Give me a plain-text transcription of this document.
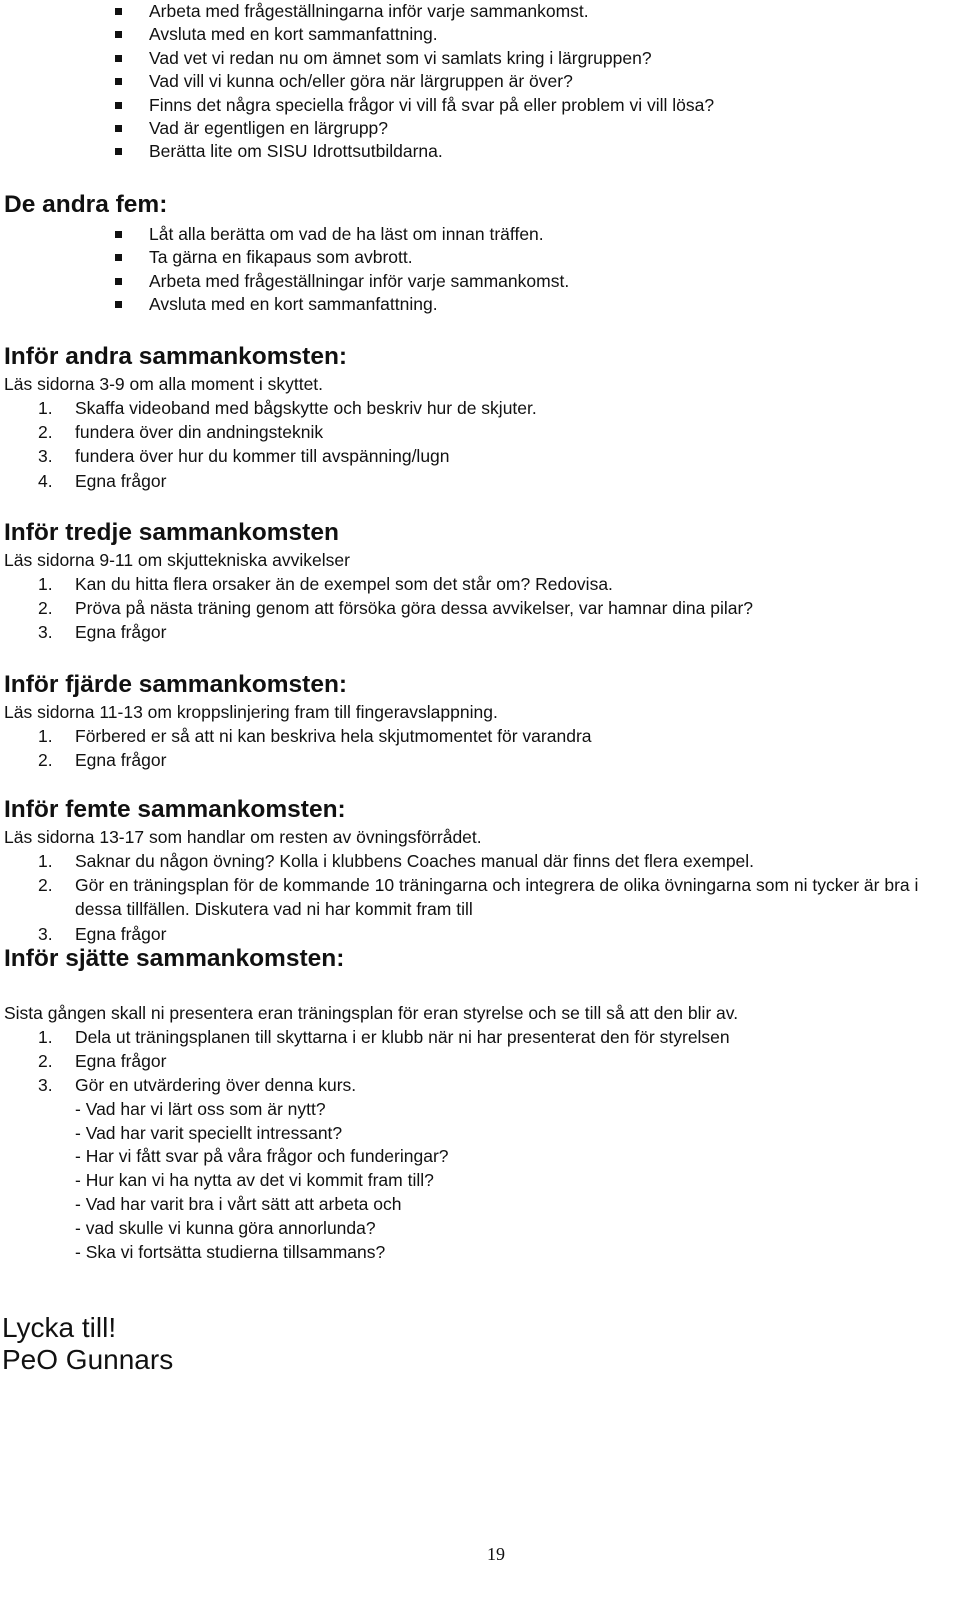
Arbeta med frågeställningarna inför varje sammankomst.
Avsluta med en kort sammanfattning.
Vad vet vi redan nu om ämnet som vi samlats kring i lärgruppen?
Vad vill vi kunna och/eller göra när lärgruppen är över?
Finns det några speciella frågor vi vill få svar på eller problem vi vill lösa?
Vad är egentligen en lärgrupp?
Berätta lite om SISU Idrottsutbildarna.
De andra fem:
Låt alla berätta om vad de ha läst om innan träffen.
Ta gärna en fikapaus som avbrott.
Arbeta med frågeställningar inför varje sammankomst.
Avsluta med en kort sammanfattning.
Inför andra sammankomsten:

Läs sidorna 3-9 om alla moment i skyttet.

1. Skaffa videoband med bågskytte och beskriv hur de skjuter.
2. fundera över din andningsteknik
3. fundera över hur du kommer till avspänning/lugn
4. Egna frågor
Inför tredje sammankomsten

Läs sidorna 9-11 om skjuttekniska avvikelser

1. Kan du hitta flera orsaker än de exempel som det står om? Redovisa.
2. Pröva på nästa träning genom att försöka göra dessa avvikelser, var hamnar dina pilar?
3. Egna frågor
Inför fjärde sammankomsten:

Läs sidorna 11-13 om kroppslinjering fram till fingeravslappning.

1. Förbered er så att ni kan beskriva hela skjutmomentet för varandra
2. Egna frågor
Inför femte sammankomsten:

Läs sidorna 13-17 som handlar om resten av övningsförrådet.

1. Saknar du någon övning? Kolla i klubbens Coaches manual där finns det flera exempel.
2. Gör en träningsplan för de kommande 10 träningarna och integrera de olika övningarna som ni tycker är bra i dessa tillfällen. Diskutera vad ni har kommit fram till
3. Egna frågor
Inför sjätte sammankomsten:

Sista gången skall ni presentera eran träningsplan för eran styrelse och se till så att den blir av.

1. Dela ut träningsplanen till skyttarna i er klubb när ni har presenterat den för styrelsen
2. Egna frågor
3. Gör en utvärdering över denna kurs.
- Vad har vi lärt oss som är nytt?
- Vad har varit speciellt intressant?
- Har vi fått svar på våra frågor och funderingar?
- Hur kan vi ha nytta av det vi kommit fram till?
- Vad har varit bra i vårt sätt att arbeta och
- vad skulle vi kunna göra annorlunda?
- Ska vi fortsätta studierna tillsammans?

Lycka till!

PeO Gunnars

19
